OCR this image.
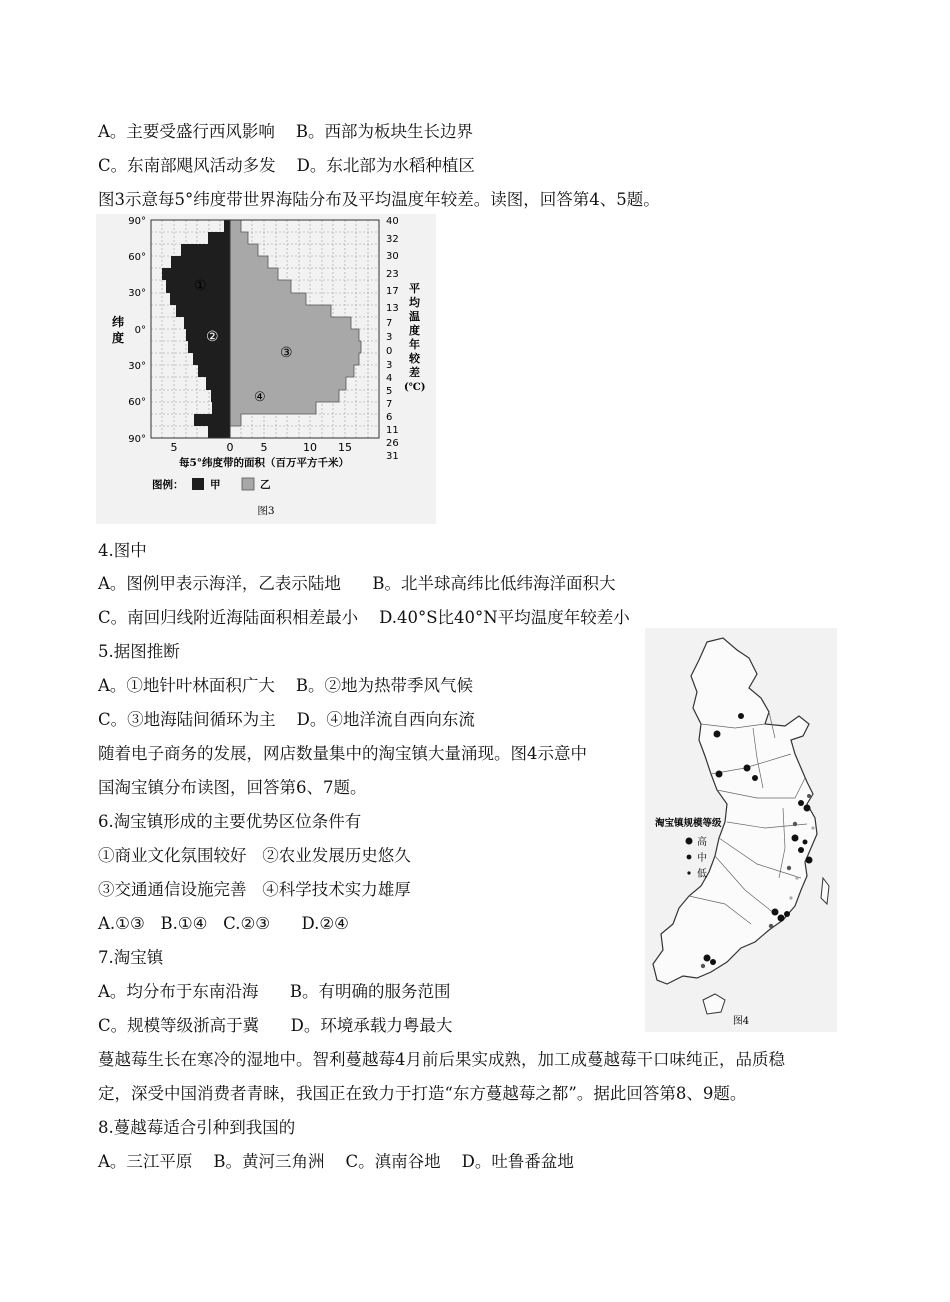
A。主要受盛行西风影响    B。西部为板块生长边界
C。东南部飓风活动多发    D。东北部为水稻种植区
图3示意每5°纬度带世界海陆分布及平均温度年较差。读图，回答第4、5题。
①
②
③
④
90°
60°
30°
0°
30°
60°
90°
纬
度
40
32
30
23
17
13
7
3
0
3
4
5
7
6
11
26
31
平
均
温
度
年
较
差
(℃)
5	0 5	10 15
每5°纬度带的面积（百万平方千米）
图例：	甲	乙
图3
4.图中
A。图例甲表示海洋，乙表示陆地      B。北半球高纬比低纬海洋面积大
C。南回归线附近海陆面积相差最小    D.40°S比40°N平均温度年较差小
5.据图推断
A。①地针叶林面积广大    B。②地为热带季风气候
C。③地海陆间循环为主    D。④地洋流自西向东流
随着电子商务的发展，网店数量集中的淘宝镇大量涌现。图4示意中
国淘宝镇分布读图，回答第6、7题。
6.淘宝镇形成的主要优势区位条件有
①商业文化氛围较好   ②农业发展历史悠久
③交通通信设施完善   ④科学技术实力雄厚
A.①③   B.①④   C.②③      D.②④
7.淘宝镇
A。均分布于东南沿海      B。有明确的服务范围
C。规模等级浙高于冀      D。环境承载力粤最大
蔓越莓生长在寒冷的湿地中。智利蔓越莓4月前后果实成熟，加工成蔓越莓干口味纯正，品质稳
定，深受中国消费者青睐，我国正在致力于打造“东方蔓越莓之都”。据此回答第8、9题。
8.蔓越莓适合引种到我国的
A。三江平原    B。黄河三角洲    C。滇南谷地    D。吐鲁番盆地
淘宝镇规模等级
高
中
低
图4
